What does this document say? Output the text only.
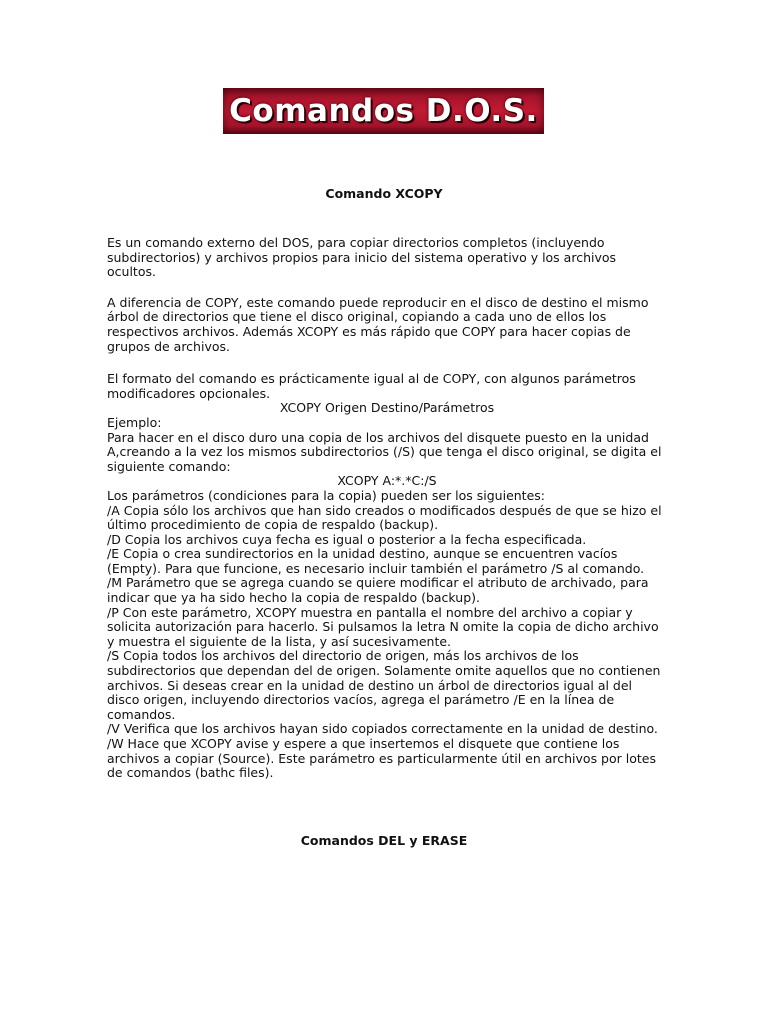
Comandos D.O.S.
Comando XCOPY

Es un comando externo del DOS, para copiar directorios completos (incluyendo subdirectorios) y archivos propios para inicio del sistema operativo y los archivos ocultos.

A diferencia de COPY, este comando puede reproducir en el disco de destino el mismo árbol de directorios que tiene el disco original, copiando a cada uno de ellos los respectivos archivos. Además XCOPY es más rápido que COPY para hacer copias de grupos de archivos.

El formato del comando es prácticamente igual al de COPY, con algunos parámetros modificadores opcionales.

XCOPY Origen Destino/Parámetros

Ejemplo:

Para hacer en el disco duro una copia de los archivos del disquete puesto en la unidad A,creando a la vez los mismos subdirectorios (/S) que tenga el disco original, se digita el siguiente comando:

XCOPY A:*.*C:/S

Los parámetros (condiciones para la copia) pueden ser los siguientes:

/A Copia sólo los archivos que han sido creados o modificados después de que se hizo el último procedimiento de copia de respaldo (backup).

/D Copia los archivos cuya fecha es igual o posterior a la fecha especificada.

/E Copia o crea sundirectorios en la unidad destino, aunque se encuentren vacíos (Empty). Para que funcione, es necesario incluir también el parámetro /S al comando.

/M Parámetro que se agrega cuando se quiere modificar el atributo de archivado, para indicar que ya ha sido hecho la copia de respaldo (backup).

/P Con este parámetro, XCOPY muestra en pantalla el nombre del archivo a copiar y solicita autorización para hacerlo. Si pulsamos la letra N omite la copia de dicho archivo y muestra el siguiente de la lista, y así sucesivamente.

/S Copia todos los archivos del directorio de origen, más los archivos de los subdirectorios que dependan del de origen. Solamente omite aquellos que no contienen archivos. Si deseas crear en la unidad de destino un árbol de directorios igual al del disco origen, incluyendo directorios vacíos, agrega el parámetro /E en la línea de comandos.

/V Verifica que los archivos hayan sido copiados correctamente en la unidad de destino.

/W Hace que XCOPY avise y espere a que insertemos el disquete que contiene los archivos a copiar (Source). Este parámetro es particularmente útil en archivos por lotes de comandos (bathc files).

Comandos DEL y ERASE
